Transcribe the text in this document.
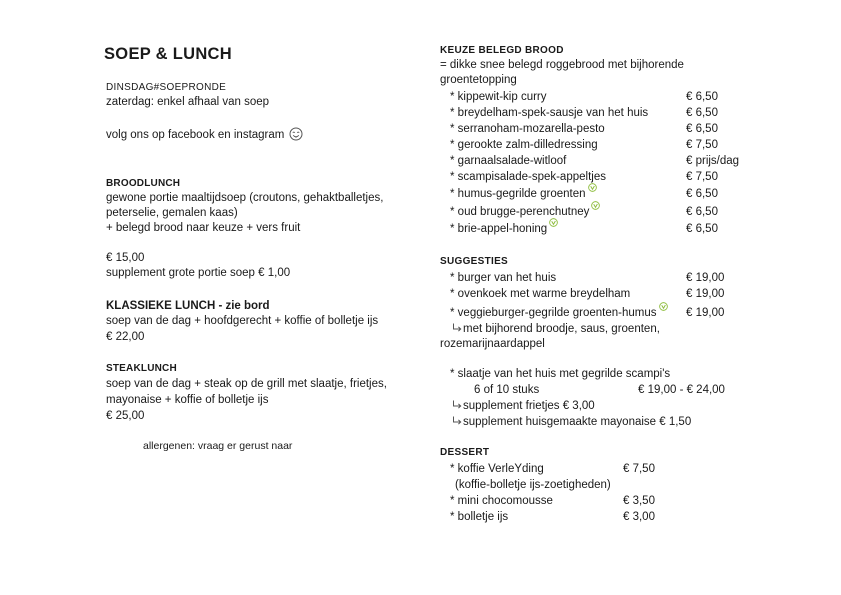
SOEP & LUNCH
DINSDAG#SOEPRONDE
zaterdag: enkel afhaal van soep
volg ons op facebook en instagram
BROODLUNCH
gewone portie maaltijdsoep (croutons, gehaktballetjes,
peterselie, gemalen kaas)
+ belegd brood naar keuze + vers fruit
€ 15,00
supplement grote portie soep € 1,00
KLASSIEKE LUNCH - zie bord
soep van de dag + hoofdgerecht + koffie of bolletje ijs
€ 22,00
STEAKLUNCH
soep van de dag + steak op de grill met slaatje, frietjes,
mayonaise + koffie of bolletje ijs
€ 25,00
allergenen: vraag er gerust naar
KEUZE BELEGD BROOD
= dikke snee belegd roggebrood met bijhorende
groentetopping
* kippewit-kip curry	€ 6,50
* breydelham-spek-sausje van het huis	€ 6,50
* serranoham-mozarella-pesto	€ 6,50
* gerookte zalm-dilledressing	€ 7,50
* garnaalsalade-witloof	€ prijs/dag
* scampisalade-spek-appeltjes	€ 7,50
* humus-gegrilde groenten	€ 6,50
* oud brugge-perenchutney	€ 6,50
* brie-appel-honing	€ 6,50
SUGGESTIES
* burger van het huis	€ 19,00
* ovenkoek met warme breydelham	€ 19,00
* veggieburger-gegrilde groenten-humus	€ 19,00
met bijhorend broodje, saus, groenten,
rozemarijnaardappel
* slaatje van het huis met gegrilde scampi's
6 of 10 stuks	€ 19,00 - € 24,00
supplement frietjes € 3,00
supplement huisgemaakte mayonaise € 1,50
DESSERT
* koffie VerleYding	€ 7,50
(koffie-bolletje ijs-zoetigheden)
* mini chocomousse	€ 3,50
* bolletje ijs	€ 3,00
